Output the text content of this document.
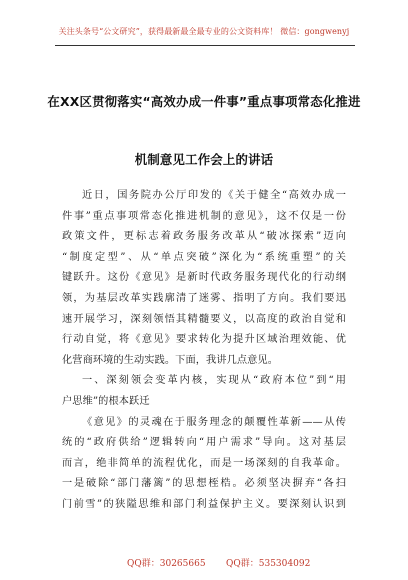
关注头条号“公文研究”，获得最新最全最专业的公文资料库！ 微信：gongwenyj
在XX区贯彻落实“高效办成一件事”重点事项常态化推进
机制意见工作会上的讲话
近日，国务院办公厅印发的《关于健全“高效办成一
件事”重点事项常态化推进机制的意见》，这不仅是一份
政策文件，更标志着政务服务改革从“破冰探索”迈向
“制度定型”、从“单点突破”深化为“系统重塑”的关
键跃升。这份《意见》是新时代政务服务现代化的行动纲
领，为基层改革实践廓清了迷雾、指明了方向。我们要迅
速开展学习，深刻领悟其精髓要义，以高度的政治自觉和
行动自觉，将《意见》要求转化为提升区域治理效能、优
化营商环境的生动实践。下面，我讲几点意见。
一、深刻领会变革内核，实现从“政府本位”到“用
户思维”的根本跃迁
《意见》的灵魂在于服务理念的颠覆性革新——从传
统的“政府供给”逻辑转向“用户需求”导向。这对基层
而言，绝非简单的流程优化，而是一场深刻的自我革命。
一是破除“部门藩篱”的思想桎梏。必须坚决摒弃“各扫
门前雪”的狭隘思维和部门利益保护主义。要深刻认识到
QQ群：30265665 QQ群：535304092
